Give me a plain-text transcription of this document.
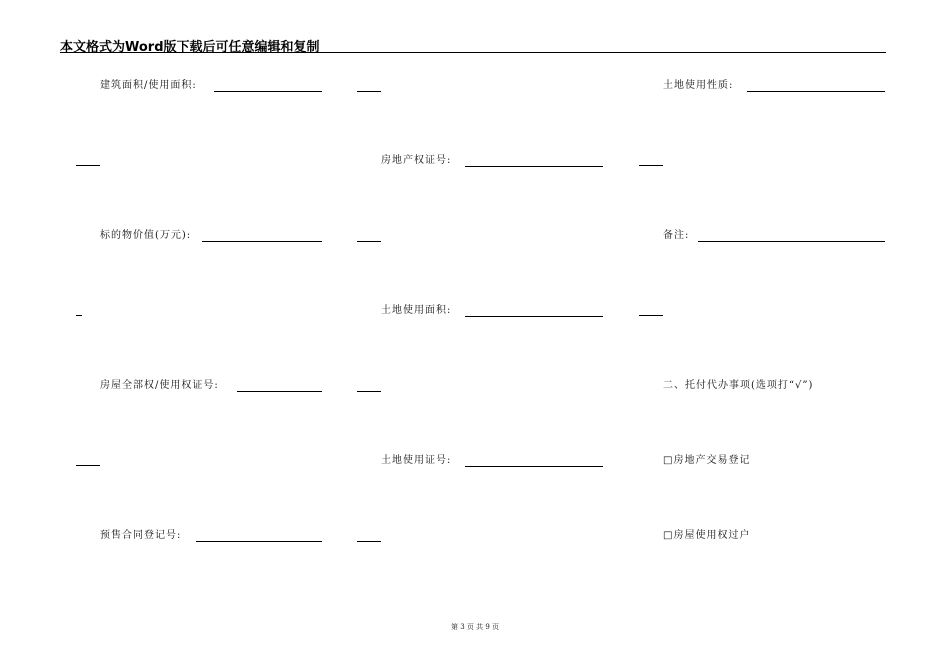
本文格式为Word版下载后可任意编辑和复制
建筑面积/使用面积:	土地使用性质:
房地产权证号:
标的物价值(万元):	备注:
土地使用面积:
房屋全部权/使用权证号:	二、托付代办事项(选项打“√”)
土地使用证号:	□房地产交易登记
预售合同登记号:	□房屋使用权过户
第 3 页 共 9 页
